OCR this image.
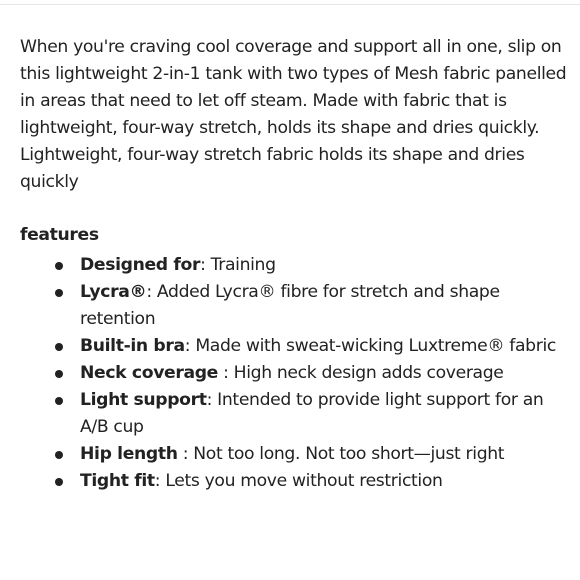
When you're craving cool coverage and support all in one, slip on this lightweight 2-in-1 tank with two types of Mesh fabric panelled in areas that need to let off steam. Made with fabric that is lightweight, four-way stretch, holds its shape and dries quickly.

Lightweight, four-way stretch fabric holds its shape and dries quickly

features
Designed for: Training
Lycra®: Added Lycra® fibre for stretch and shape retention
Built-in bra: Made with sweat-wicking Luxtreme® fabric
Neck coverage : High neck design adds coverage
Light support: Intended to provide light support for an A/B cup
Hip length : Not too long. Not too short—just right
Tight fit: Lets you move without restriction
